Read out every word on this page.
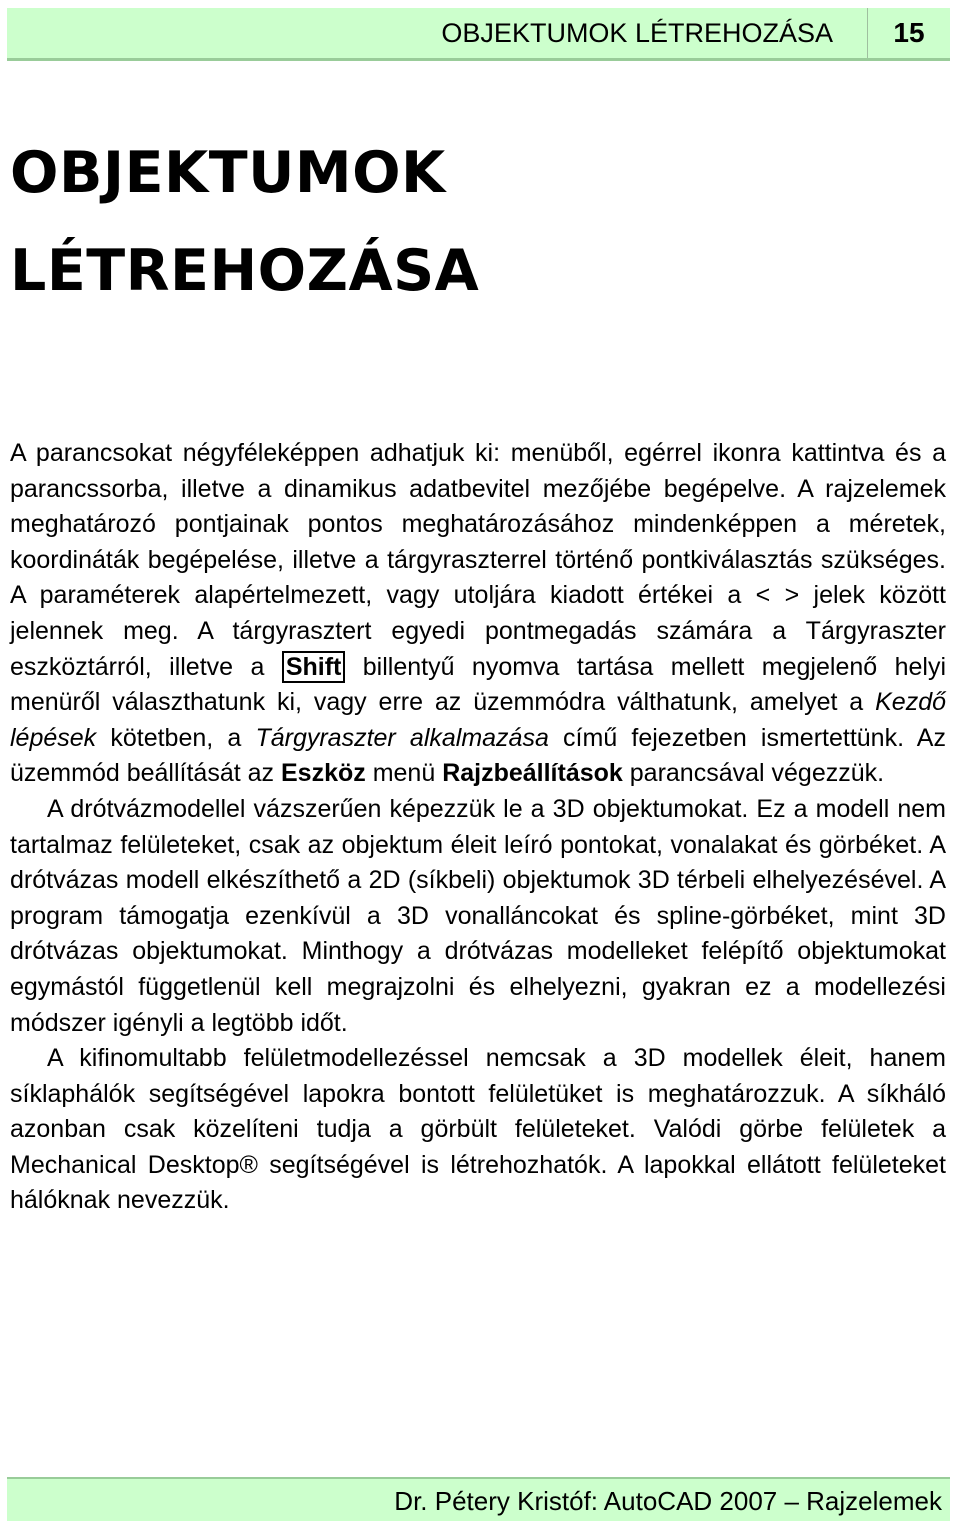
OBJEKTUMOK LÉTREHOZÁSA	15
OBJEKTUMOK
LÉTREHOZÁSA

A parancsokat négyféleképpen adhatjuk ki: menüből, egérrel ikonra kattintva és a parancssorba, illetve a dinamikus adatbevitel mezőjébe begépelve. A rajzelemek meghatározó pontjainak pontos meghatározásához mindenképpen a méretek, koordináták begépelése, illetve a tárgyraszterrel történő pontkiválasztás szükséges. A paraméterek alapértelmezett, vagy utoljára kiadott értékei a < > jelek között jelennek meg. A tárgyrasztert egyedi pontmegadás számára a Tárgyraszter eszköztárról, illetve a Shift billentyű nyomva tartása mellett megjelenő helyi menüről választhatunk ki, vagy erre az üzemmódra válthatunk, amelyet a Kezdő lépések kötetben, a Tárgyraszter alkalmazása című fejezetben ismertettünk. Az üzemmód beállítását az Eszköz menü Rajzbeállítások parancsával végezzük.

A drótvázmodellel vázszerűen képezzük le a 3D objektumokat. Ez a modell nem tartalmaz felületeket, csak az objektum éleit leíró pontokat, vonalakat és görbéket. A drótvázas modell elkészíthető a 2D (síkbeli) objektumok 3D térbeli elhelyezésével. A program támogatja ezenkívül a 3D vonalláncokat és spline-görbéket, mint 3D drótvázas objektumokat. Minthogy a drótvázas modelleket felépítő objektumokat egymástól függetlenül kell megrajzolni és elhelyezni, gyakran ez a modellezési módszer igényli a legtöbb időt.

A kifinomultabb felületmodellezéssel nemcsak a 3D modellek éleit, hanem síklaphálók segítségével lapokra bontott felületüket is meghatározzuk. A síkháló azonban csak közelíteni tudja a görbült felületeket. Valódi görbe felületek a Mechanical Desktop® segítségével is létrehozhatók. A lapokkal ellátott felületeket hálóknak nevezzük.

Dr. Pétery Kristóf: AutoCAD 2007 – Rajzelemek
